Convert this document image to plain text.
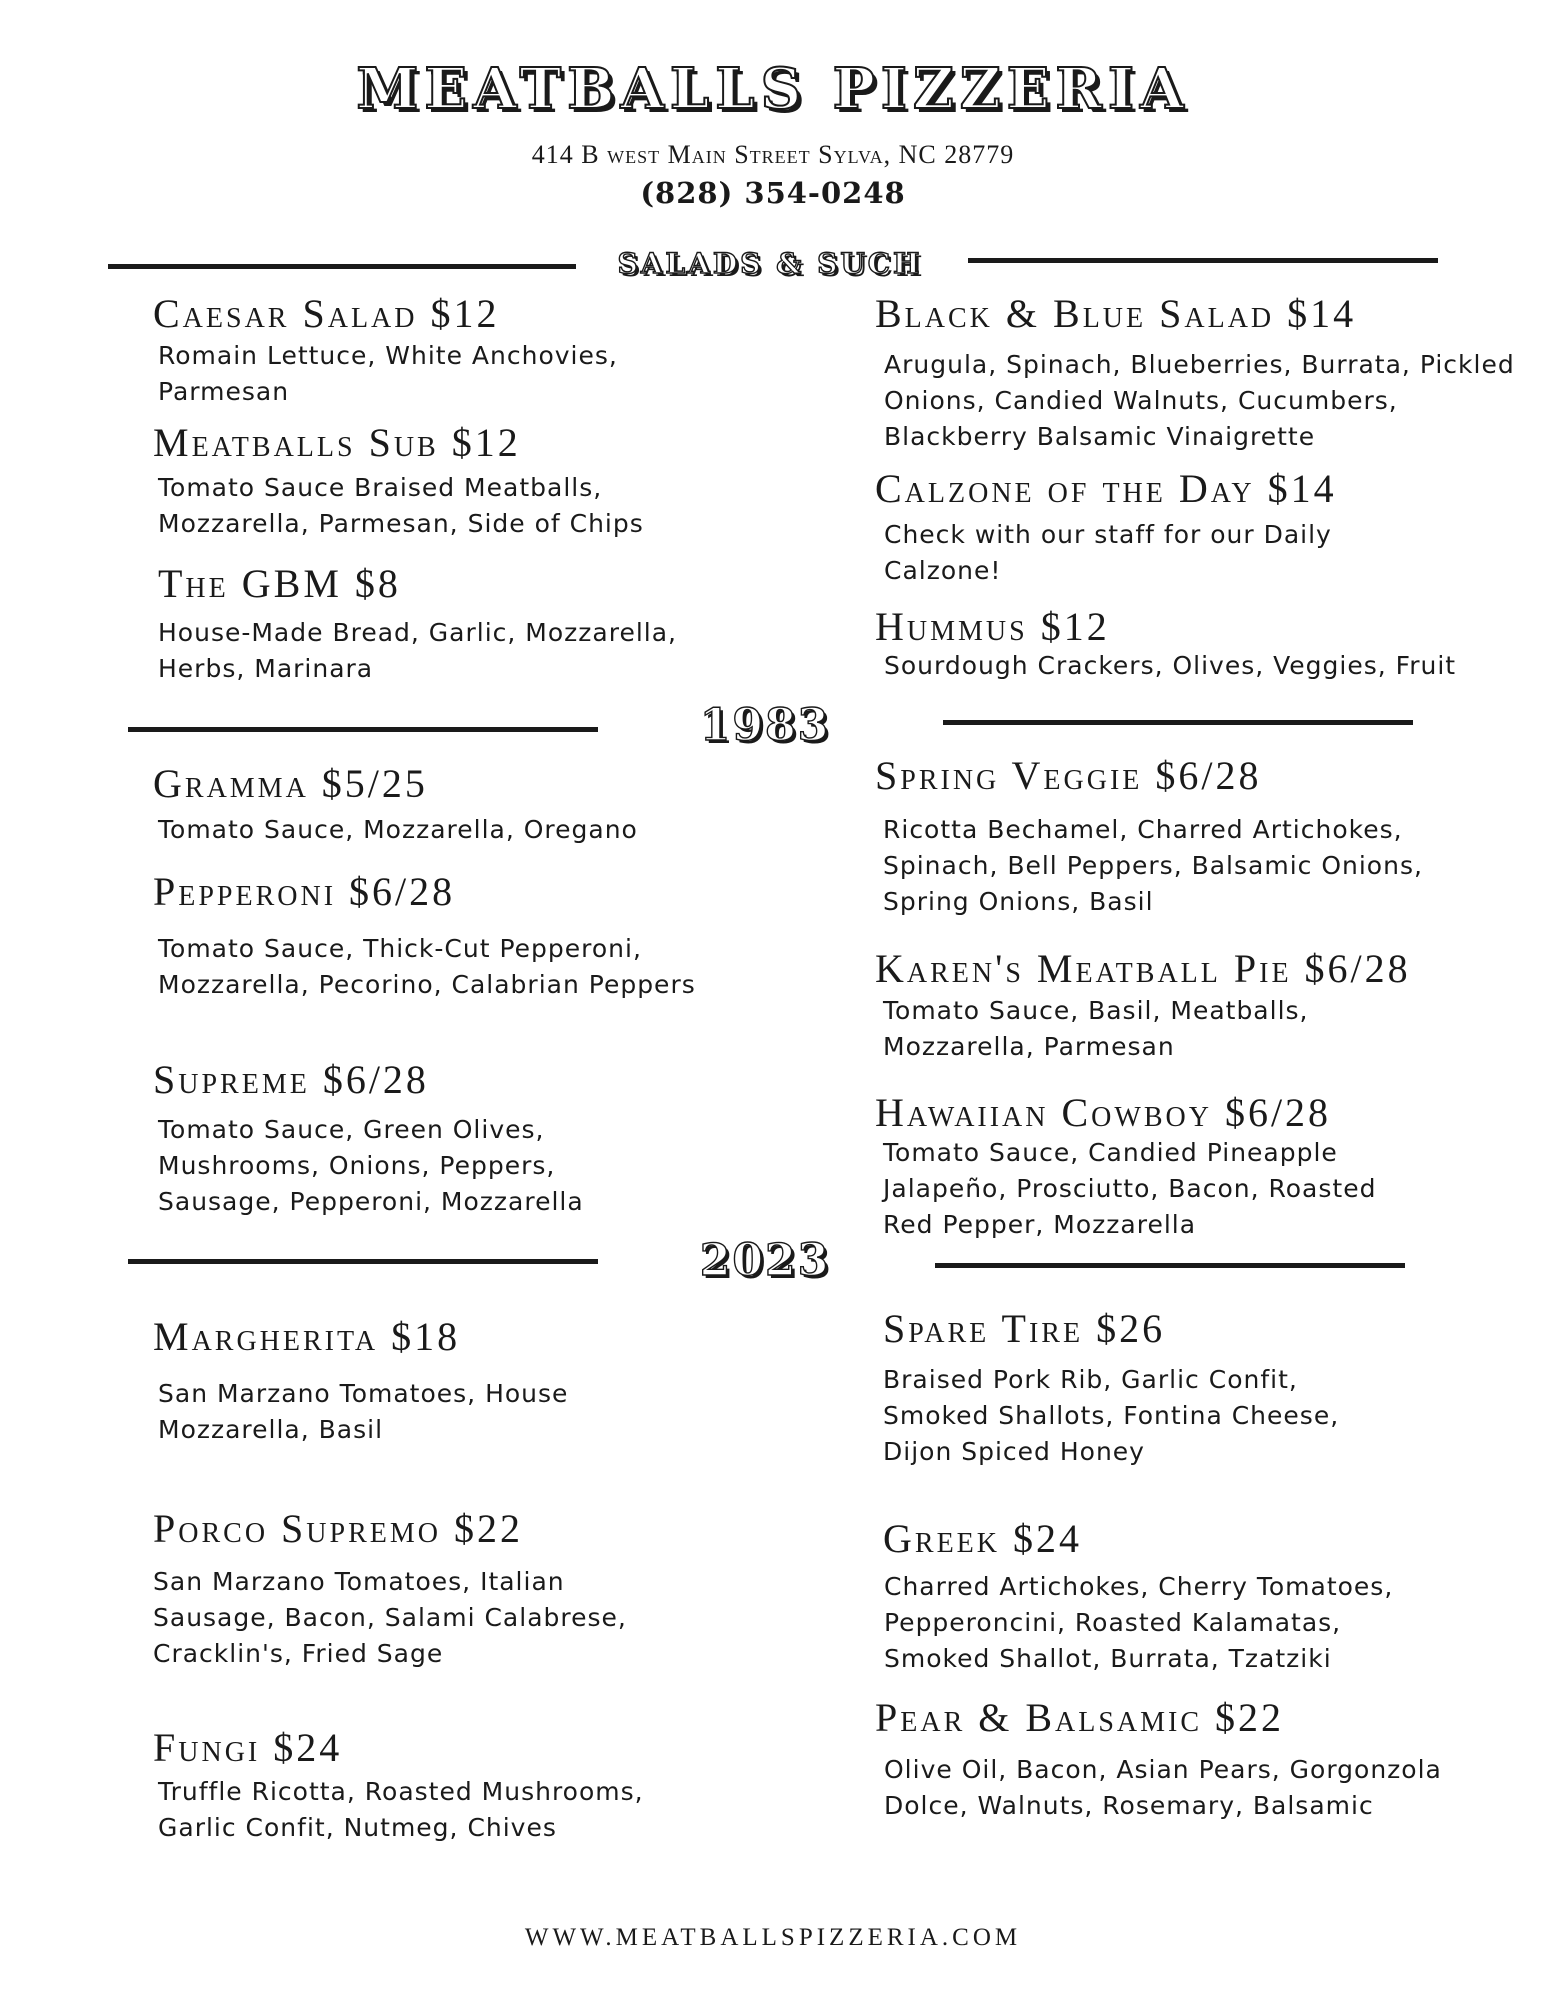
MEATBALLS PIZZERIA
414 B west Main Street Sylva, NC 28779
(828) 354-0248
SALADS & SUCH
Caesar Salad $12
Romain Lettuce, White Anchovies, Parmesan
Meatballs Sub $12
Tomato Sauce Braised Meatballs, Mozzarella, Parmesan, Side of Chips
The GBM $8
House-Made Bread, Garlic, Mozzarella, Herbs, Marinara
Black & Blue Salad $14
Arugula, Spinach, Blueberries, Burrata, Pickled Onions, Candied Walnuts, Cucumbers, Blackberry Balsamic Vinaigrette
Calzone of the Day $14
Check with our staff for our Daily Calzone!
Hummus $12
Sourdough Crackers, Olives, Veggies, Fruit
1983
Gramma $5/25
Tomato Sauce, Mozzarella, Oregano
Pepperoni $6/28
Tomato Sauce, Thick-Cut Pepperoni, Mozzarella, Pecorino, Calabrian Peppers
Supreme $6/28
Tomato Sauce, Green Olives, Mushrooms, Onions, Peppers, Sausage, Pepperoni, Mozzarella
Spring Veggie $6/28
Ricotta Bechamel, Charred Artichokes, Spinach, Bell Peppers, Balsamic Onions, Spring Onions, Basil
Karen's Meatball Pie $6/28
Tomato Sauce, Basil, Meatballs, Mozzarella, Parmesan
Hawaiian Cowboy $6/28
Tomato Sauce, Candied Pineapple Jalapeño, Prosciutto, Bacon, Roasted Red Pepper, Mozzarella
2023
Margherita $18
San Marzano Tomatoes, House Mozzarella, Basil
Porco Supremo $22
San Marzano Tomatoes, Italian Sausage, Bacon, Salami Calabrese, Cracklin's, Fried Sage
Fungi $24
Truffle Ricotta, Roasted Mushrooms, Garlic Confit, Nutmeg, Chives
Spare Tire $26
Braised Pork Rib, Garlic Confit, Smoked Shallots, Fontina Cheese, Dijon Spiced Honey
Greek $24
Charred Artichokes, Cherry Tomatoes, Pepperoncini, Roasted Kalamatas, Smoked Shallot, Burrata, Tzatziki
Pear & Balsamic $22
Olive Oil, Bacon, Asian Pears, Gorgonzola Dolce, Walnuts, Rosemary, Balsamic
WWW.MEATBALLSPIZZERIA.COM
